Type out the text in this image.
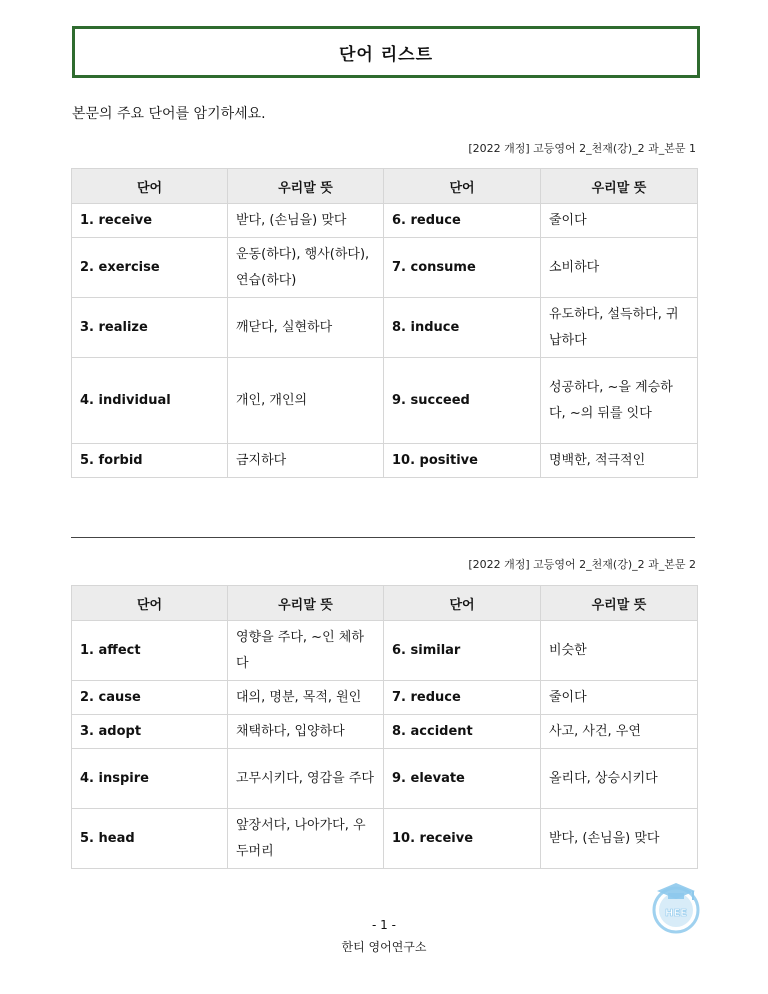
단어 리스트
본문의 주요 단어를 암기하세요.
[2022 개정] 고등영어 2_천재(강)_2 과_본문 1
단어	우리말 뜻	단어	우리말 뜻
1. receive	받다, (손님을) 맞다	6. reduce	줄이다
2. exercise	운동(하다), 행사(하다), 연습(하다)	7. consume	소비하다
3. realize	깨닫다, 실현하다	8. induce	유도하다, 설득하다, 귀납하다
4. individual	개인, 개인의	9. succeed	성공하다, ~을 계승하다, ~의 뒤를 잇다
5. forbid	금지하다	10. positive	명백한, 적극적인
[2022 개정] 고등영어 2_천재(강)_2 과_본문 2
단어	우리말 뜻	단어	우리말 뜻
1. affect	영향을 주다, ~인 체하다	6. similar	비슷한
2. cause	대의, 명분, 목적, 원인	7. reduce	줄이다
3. adopt	채택하다, 입양하다	8. accident	사고, 사건, 우연
4. inspire	고무시키다, 영감을 주다	9. elevate	올리다, 상승시키다
5. head	앞장서다, 나아가다, 우두머리	10. receive	받다, (손님을) 맞다
HEE
- 1 -
한티 영어연구소
